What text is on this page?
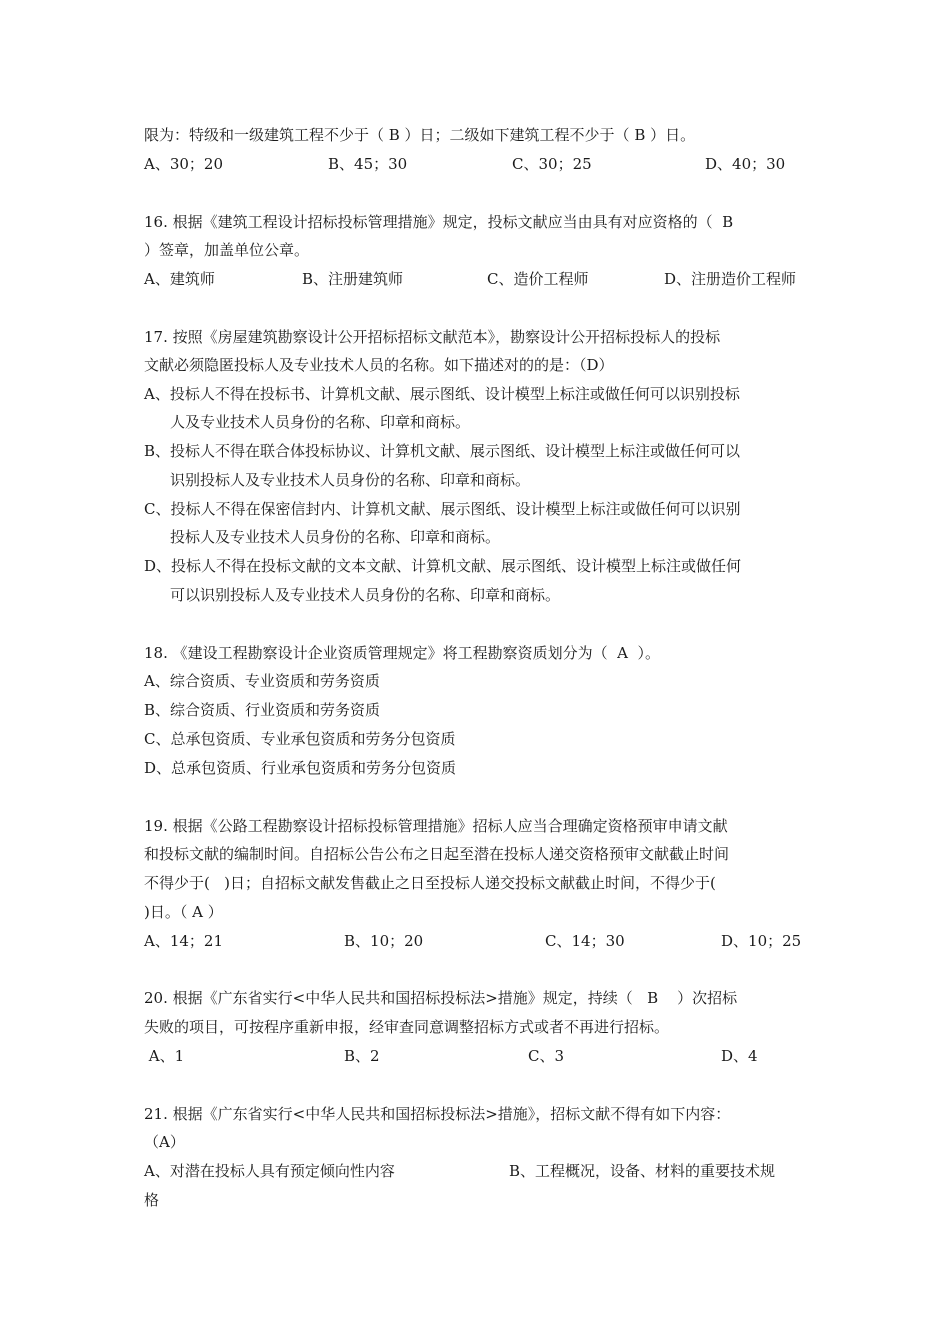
限为：特级和一级建筑工程不少于（ B ）日；二级如下建筑工程不少于（ B ）日。
A、30；20	B、45；30	C、30；25	D、40；30
16. 根据《建筑工程设计招标投标管理措施》规定，投标文献应当由具有对应资格的（  B
）签章，加盖单位公章。
A、建筑师	B、注册建筑师	C、造价工程师	D、注册造价工程师
17. 按照《房屋建筑勘察设计公开招标招标文献范本》，勘察设计公开招标投标人的投标
文献必须隐匿投标人及专业技术人员的名称。如下描述对的的是：（D）
A、投标人不得在投标书、计算机文献、展示图纸、设计模型上标注或做任何可以识别投标
人及专业技术人员身份的名称、印章和商标。
B、投标人不得在联合体投标协议、计算机文献、展示图纸、设计模型上标注或做任何可以
识别投标人及专业技术人员身份的名称、印章和商标。
C、投标人不得在保密信封内、计算机文献、展示图纸、设计模型上标注或做任何可以识别
投标人及专业技术人员身份的名称、印章和商标。
D、投标人不得在投标文献的文本文献、计算机文献、展示图纸、设计模型上标注或做任何
可以识别投标人及专业技术人员身份的名称、印章和商标。
18. 《建设工程勘察设计企业资质管理规定》将工程勘察资质划分为（  A  ）。
A、综合资质、专业资质和劳务资质
B、综合资质、行业资质和劳务资质
C、总承包资质、专业承包资质和劳务分包资质
D、总承包资质、行业承包资质和劳务分包资质
19. 根据《公路工程勘察设计招标投标管理措施》招标人应当合理确定资格预审申请文献
和投标文献的编制时间。自招标公告公布之日起至潜在投标人递交资格预审文献截止时间
不得少于(   )日；自招标文献发售截止之日至投标人递交投标文献截止时间，不得少于(
)日。（ A ）
A、14；21	B、10；20	C、14；30	D、10；25
20. 根据《广东省实行<中华人民共和国招标投标法>措施》规定，持续（   B    ）次招标
失败的项目，可按程序重新申报，经审查同意调整招标方式或者不再进行招标。
A、1	B、2	C、3	D、4
21. 根据《广东省实行<中华人民共和国招标投标法>措施》，招标文献不得有如下内容：
（A）
A、对潜在投标人具有预定倾向性内容	B、工程概况，设备、材料的重要技术规
格
